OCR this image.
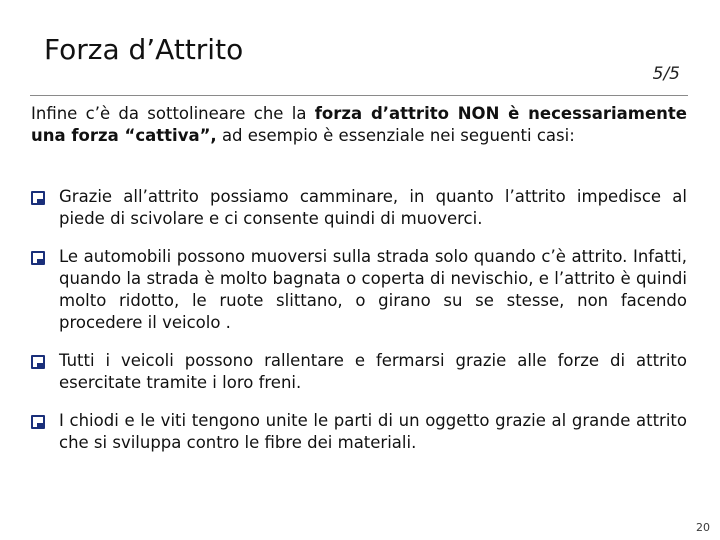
Forza d’Attrito
5/5

Infine c’è da sottolineare che la forza d’attrito NON è necessariamente una forza “cattiva”, ad esempio è essenziale nei seguenti casi:

Grazie all’attrito possiamo camminare, in quanto l’attrito impedisce al piede di scivolare e ci consente quindi di muoverci.
Le automobili possono muoversi sulla strada solo quando c’è attrito. Infatti, quando la strada è molto bagnata o coperta di nevischio, e l’attrito è quindi molto ridotto, le ruote slittano, o girano su se stesse, non facendo procedere il veicolo .
Tutti i veicoli possono rallentare e fermarsi grazie alle forze di attrito esercitate tramite i loro freni.
I chiodi e le viti tengono unite le parti di un oggetto grazie al grande attrito che si sviluppa contro le fibre dei materiali.
20
